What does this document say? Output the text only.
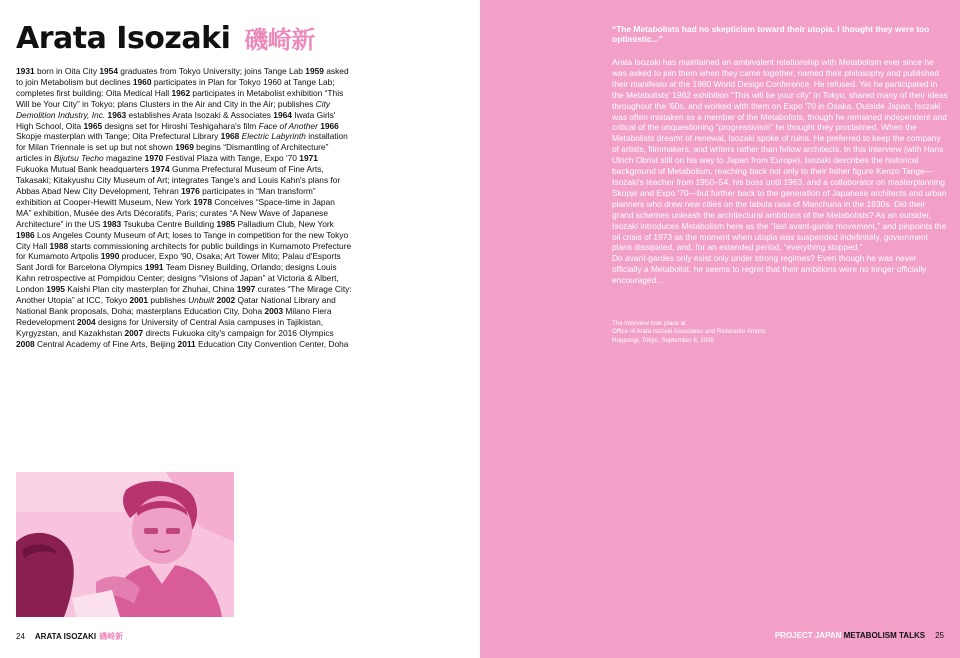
Arata Isozaki 磯崎新
1931 born in Oita City 1954 graduates from Tokyo University; joins Tange Lab 1959 asked to join Metabolism but declines 1960 participates in Plan for Tokyo 1960 at Tange Lab; completes first building: Oita Medical Hall 1962 participates in Metabolist exhibition “This Will be Your City” in Tokyo; plans Clusters in the Air and City in the Air; publishes City Demolition Industry, Inc. 1963 establishes Arata Isozaki & Associates 1964 Iwata Girls' High School, Oita 1965 designs set for Hiroshi Teshigahara's film Face of Another 1966 Skopje masterplan with Tange; Oita Prefectural Library 1968 Electric Labyrinth installation for Milan Triennale is set up but not shown 1969 begins “Dismantling of Architecture” articles in Bijutsu Techo magazine 1970 Festival Plaza with Tange, Expo '70 1971 Fukuoka Mutual Bank headquarters 1974 Gunma Prefectural Museum of Fine Arts, Takasaki; Kitakyushu City Museum of Art; integrates Tange's and Louis Kahn's plans for Abbas Abad New City Development, Tehran 1976 participates in “Man transform” exhibition at Cooper-Hewitt Museum, New York 1978 Conceives “Space-time in Japan MA” exhibition, Musée des Arts Décoratifs, Paris; curates “A New Wave of Japanese Architecture” in the US 1983 Tsukuba Centre Building 1985 Palladium Club, New York 1986 Los Angeles County Museum of Art; loses to Tange in competition for the new Tokyo City Hall 1988 starts commissioning architects for public buildings in Kumamoto Prefecture for Kumamoto Artpolis 1990 producer, Expo '90, Osaka; Art Tower Mito; Palau d'Esports Sant Jordi for Barcelona Olympics 1991 Team Disney Building, Orlando; designs Louis Kahn retrospective at Pompidou Center; designs “Visions of Japan” at Victoria & Albert, London 1995 Kaishi Plan city masterplan for Zhuhai, China 1997 curates “The Mirage City: Another Utopia” at ICC, Tokyo 2001 publishes Unbuilt 2002 Qatar National Library and National Bank proposals, Doha; masterplans Education City, Doha 2003 Milano Fiera Redevelopment 2004 designs for University of Central Asia campuses in Tajikistan, Kyrgyzstan, and Kazakhstan 2007 directs Fukuoka city's campaign for 2016 Olympics 2008 Central Academy of Fine Arts, Beijing 2011 Education City Convention Center, Doha
24 ARATA ISOZAKI 磯崎新	PROJECT JAPAN METABOLISM TALKS 25
“The Metabolists had no skepticism toward their utopia. I thought they were too optimistic...”

Arata Isozaki has maintained an ambivalent relationship with Metabolism ever since he was asked to join them when they came together, named their philosophy and published their manifesto at the 1960 World Design Conference. He refused. Yet he participated in the Metabolists' 1962 exhibition “This will be your city” in Tokyo, shared many of their ideas throughout the '60s, and worked with them on Expo '70 in Osaka. Outside Japan, Isozaki was often mistaken as a member of the Metabolists, though he remained independent and critical of the unquestioning “progressivism” he thought they proclaimed. When the Metabolists dreamt of renewal, Isozaki spoke of ruins. He preferred to keep the company of artists, filmmakers, and writers rather than fellow architects. In this interview (with Hans Ulrich Obrist still on his way to Japan from Europe), Isozaki describes the historical background of Metabolism, reaching back not only to their father figure Kenzo Tange—Isozaki's teacher from 1950–54, his boss until 1963, and a collaborator on masterplanning Skopje and Expo '70—but further back to the generation of Japanese architects and urban planners who drew new cities on the tabula rasa of Manchuria in the 1930s. Did their grand schemes unleash the architectural ambitions of the Metabolists? As an outsider, Isozaki introduces Metabolism here as the “last avant-garde movement,” and pinpoints the oil crisis of 1973 as the moment when utopia was suspended indefinitely, government plans dissipated, and, for an extended period, “everything stopped.”

Do avant-gardes only exist only under strong regimes? Even though he was never officially a Metabolist, he seems to regret that their ambitions were no longer officially encouraged...

The interview took place at

Office of Arata Isozaki Associates and Ristorante Amore,

Roppongi, Tokyo, September 8, 2005
